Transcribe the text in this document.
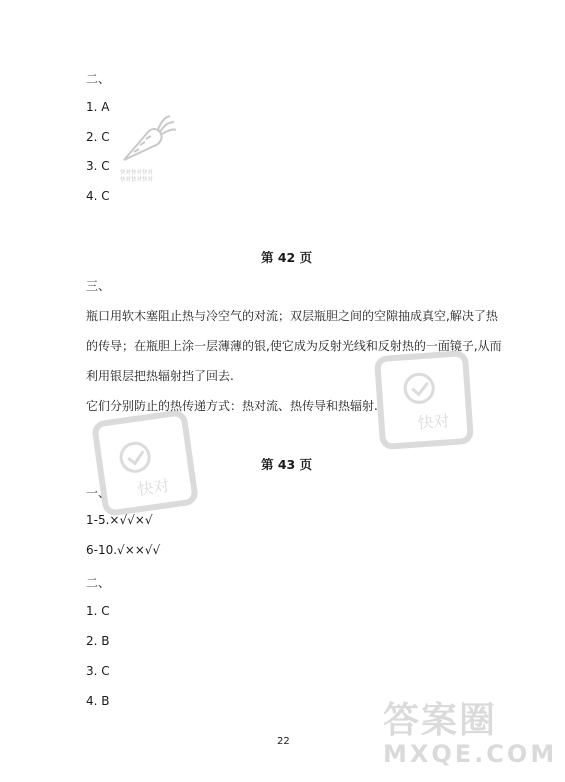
二、
1. A
2. C
3. C
4. C
快对快对快对
快对快对快对
第 42 页
三、
瓶口用软木塞阻止热与冷空气的对流；双层瓶胆之间的空隙抽成真空,解决了热
的传导；在瓶胆上涂一层薄薄的银,使它成为反射光线和反射热的一面镜子,从而
利用银层把热辐射挡了回去.
它们分别防止的热传递方式：热对流、热传导和热辐射.
第 43 页
一、
1-5.×√√×√
6-10.√××√√
二、
1. C
2. B
3. C
4. B
快对
快对
答案圈
MXQE.COM
22
